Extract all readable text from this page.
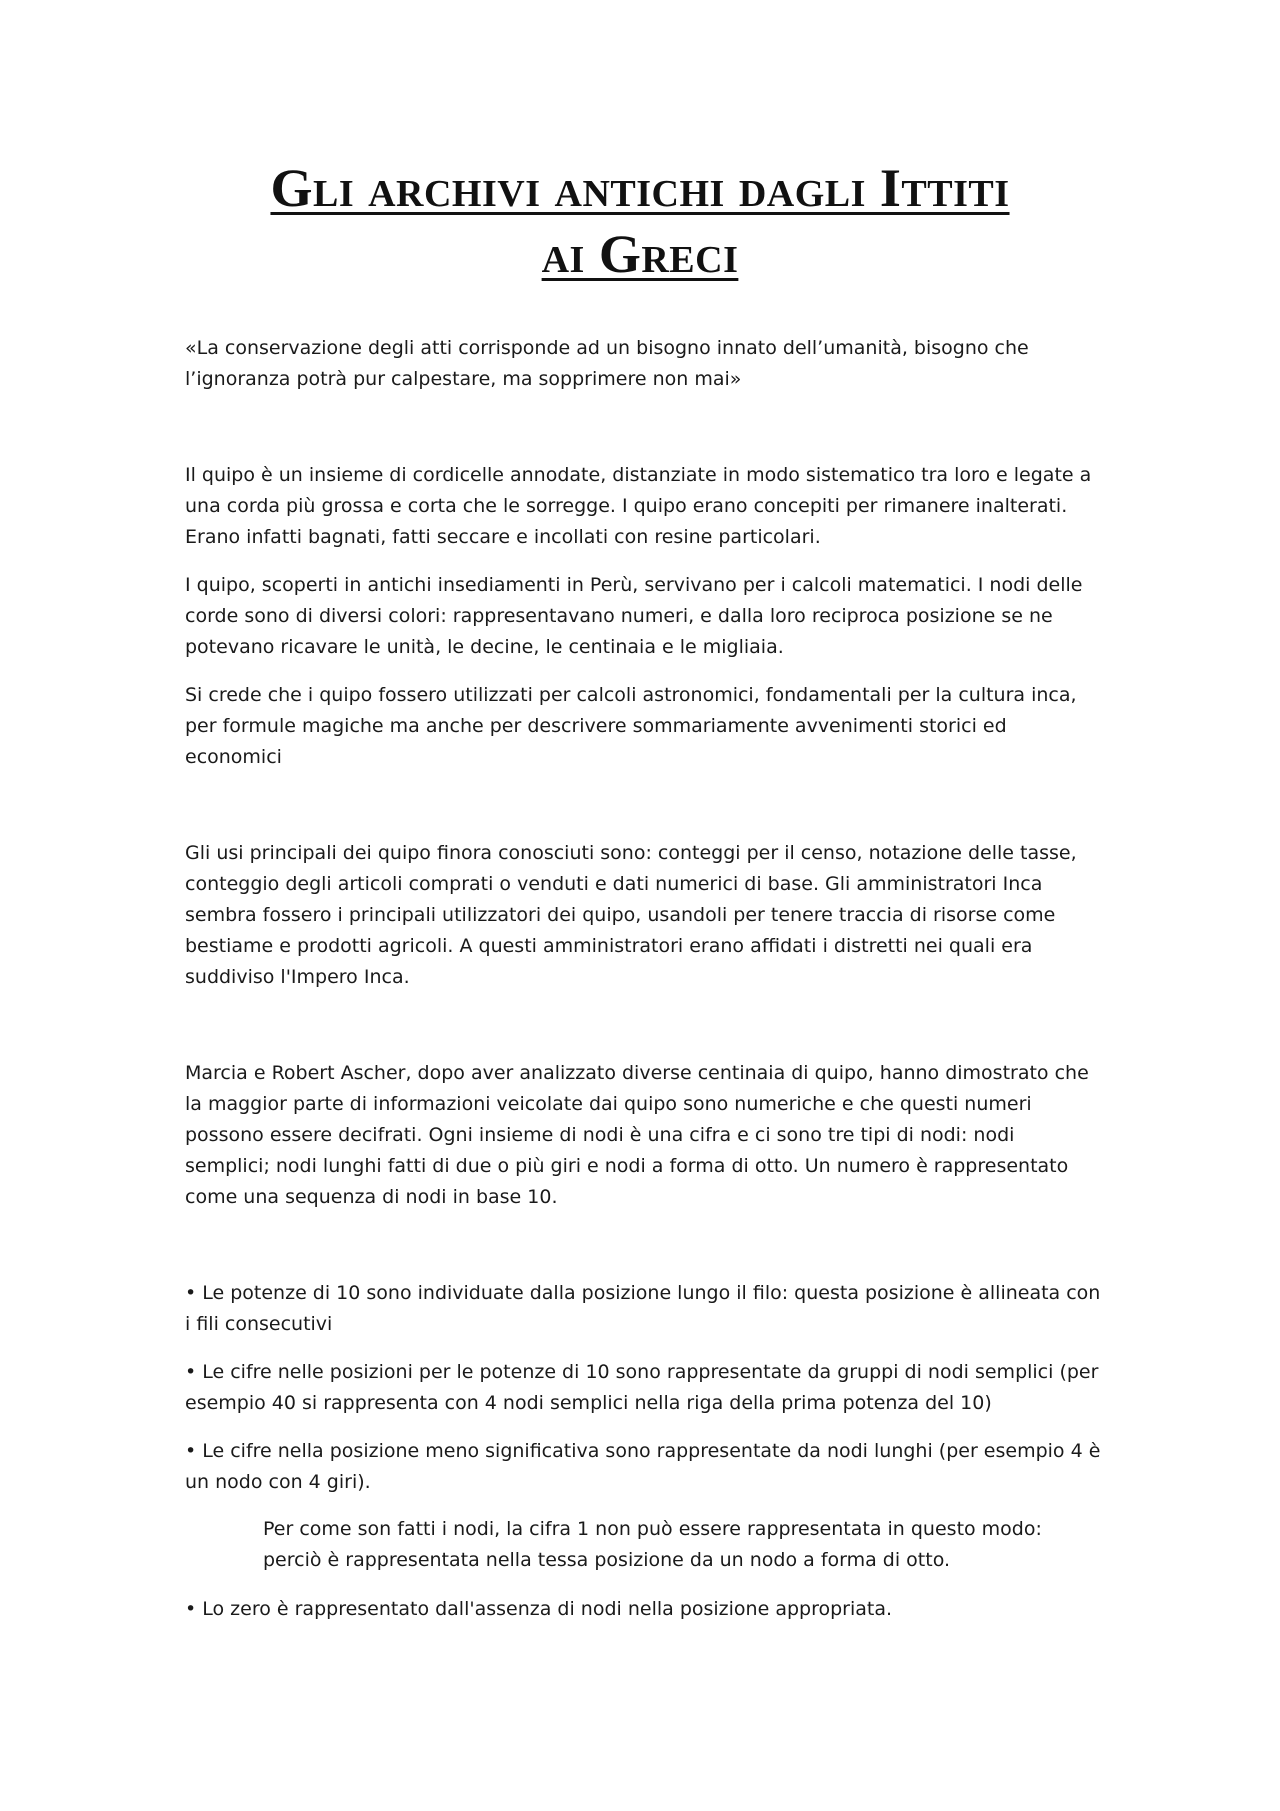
Gli archivi antichi dagli Ittiti
ai Greci

«La conservazione degli atti corrisponde ad un bisogno innato dell’umanità, bisogno che l’ignoranza potrà pur calpestare, ma sopprimere non mai»

Il quipo è un insieme di cordicelle annodate, distanziate in modo sistematico tra loro e legate a una corda più grossa e corta che le sorregge. I quipo erano concepiti per rimanere inalterati. Erano infatti bagnati, fatti seccare e incollati con resine particolari.

I quipo, scoperti in antichi insediamenti in Perù, servivano per i calcoli matematici. I nodi delle corde sono di diversi colori: rappresentavano numeri, e dalla loro reciproca posizione se ne potevano ricavare le unità, le decine, le centinaia e le migliaia.

Si crede che i quipo fossero utilizzati per calcoli astronomici, fondamentali per la cultura inca, per formule magiche ma anche per descrivere sommariamente avvenimenti storici ed economici

Gli usi principali dei quipo finora conosciuti sono: conteggi per il censo, notazione delle tasse, conteggio degli articoli comprati o venduti e dati numerici di base. Gli amministratori Inca sembra fossero i principali utilizzatori dei quipo, usandoli per tenere traccia di risorse come bestiame e prodotti agricoli. A questi amministratori erano affidati i distretti nei quali era suddiviso l'Impero Inca.

Marcia e Robert Ascher, dopo aver analizzato diverse centinaia di quipo, hanno dimostrato che la maggior parte di informazioni veicolate dai quipo sono numeriche e che questi numeri possono essere decifrati. Ogni insieme di nodi è una cifra e ci sono tre tipi di nodi: nodi semplici; nodi lunghi fatti di due o più giri e nodi a forma di otto. Un numero è rappresentato come una sequenza di nodi in base 10.

• Le potenze di 10 sono individuate dalla posizione lungo il filo: questa posizione è allineata con i fili consecutivi

• Le cifre nelle posizioni per le potenze di 10 sono rappresentate da gruppi di nodi semplici (per esempio 40 si rappresenta con 4 nodi semplici nella riga della prima potenza del 10)

• Le cifre nella posizione meno significativa sono rappresentate da nodi lunghi (per esempio 4 è un nodo con 4 giri).

Per come son fatti i nodi, la cifra 1 non può essere rappresentata in questo modo: perciò è rappresentata nella tessa posizione da un nodo a forma di otto.

• Lo zero è rappresentato dall'assenza di nodi nella posizione appropriata.
